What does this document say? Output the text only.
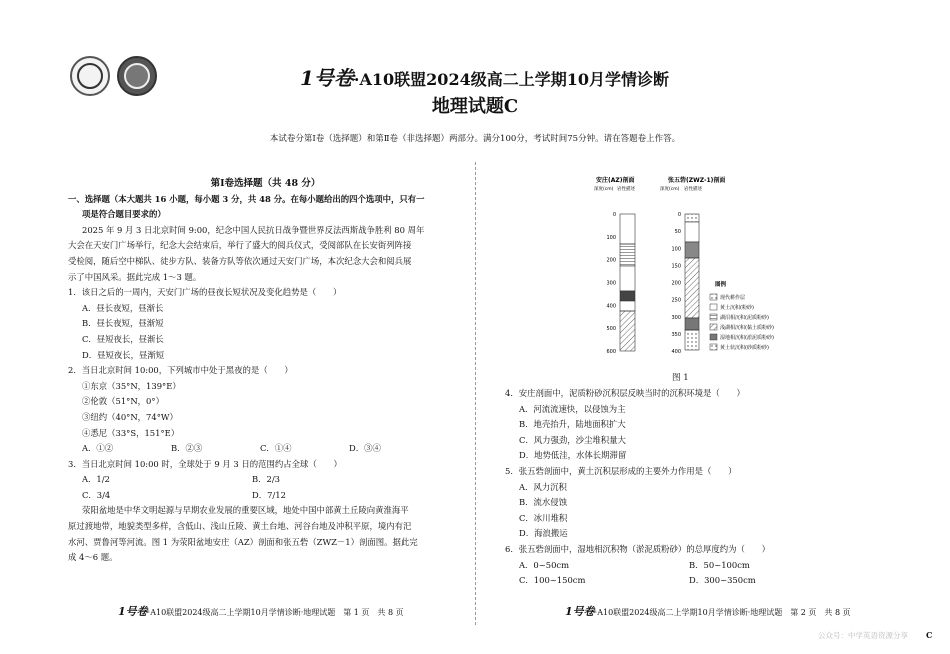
1号卷·A10联盟2024级高二上学期10月学情诊断
地理试题C
本试卷分第Ⅰ卷（选择题）和第Ⅱ卷（非选择题）两部分。满分100分，考试时间75分钟。请在答题卷上作答。

第Ⅰ卷选择题（共 48 分）

一、选择题（本大题共 16 小题，每小题 3 分，共 48 分。在每小题给出的四个选项中，只有一

项是符合题目要求的）

2025 年 9 月 3 日北京时间 9:00，纪念中国人民抗日战争暨世界反法西斯战争胜利 80 周年

大会在天安门广场举行，纪念大会结束后，举行了盛大的阅兵仪式，受阅部队在长安街列阵接

受检阅，随后空中梯队、徒步方队、装备方队等依次通过天安门广场，本次纪念大会和阅兵展

示了中国风采。据此完成 1～3 题。

1．该日之后的一周内，天安门广场的昼夜长短状况及变化趋势是（　　）

A．昼长夜短，昼渐长

B．昼长夜短，昼渐短

C．昼短夜长，昼渐长

D．昼短夜长，昼渐短

2．当日北京时间 10:00，下列城市中处于黑夜的是（　　）

①东京（35°N，139°E）

②伦敦（51°N，0°）

③纽约（40°N，74°W）

④悉尼（33°S，151°E）

A．①②	B．②③	C．①④	D．③④

3．当日北京时间 10:00 时，全球处于 9 月 3 日的范围约占全球（　　）

A．1/2	B．2/3

C．3/4	D．7/12

荥阳盆地是中华文明起源与早期农业发展的重要区域，地处中国中部黄土丘陵向黄淮海平

原过渡地带，地貌类型多样，含低山、浅山丘陵、黄土台地、河谷台地及冲积平原，境内有汜

水河、贾鲁河等河流。图 1 为荥阳盆地安庄（AZ）剖面和张五砦（ZWZ－1）剖面图。据此完

成 4～6 题。

1号卷·A10联盟2024级高二上学期10月学情诊断·地理试题　第 1 页　共 8 页
安庄(AZ)剖面	张五砦(ZWZ-1)剖面
深度(cm) 岩性描述	深度(cm) 岩性描述
0
100
200
300
400
500
600
0
50
100
150
200
250
300
350
400
图例
现代耕作层
黄土沉积(粉砂)
湖沼相沉积(泥质粉砂)
浅湖相沉积(黏土质粉砂)
湿地相沉积(淤泥质粉砂)
黄土状沉积(砂质粉砂)
图 1

4．安庄剖面中，泥质粉砂沉积层反映当时的沉积环境是（　　）

A．河流流速快，以侵蚀为主

B．地壳抬升，陆地面积扩大

C．风力强劲，沙尘堆积量大

D．地势低洼，水体长期滞留

5．张五砦剖面中，黄土沉积层形成的主要外力作用是（　　）

A．风力沉积

B．流水侵蚀

C．冰川堆积

D．海浪搬运

6．张五砦剖面中，湿地相沉积物（淤泥质粉砂）的总厚度约为（　　）

A．0~50cm	B．50~100cm

C．100~150cm	D．300~350cm

1号卷·A10联盟2024级高二上学期10月学情诊断·地理试题　第 2 页　共 8 页
公众号：中学英语资源分享 C
